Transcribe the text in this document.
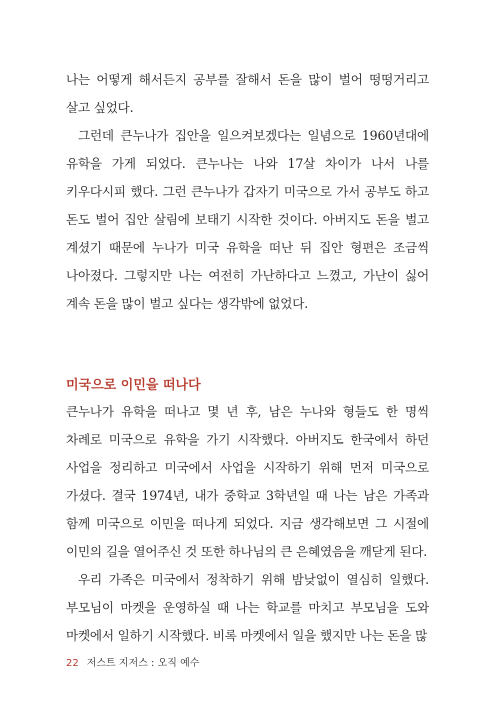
나는 어떻게 해서든지 공부를 잘해서 돈을 많이 벌어 떵떵거리고 살고 싶었다.

그런데 큰누나가 집안을 일으켜보겠다는 일념으로 1960년대에 유학을 가게 되었다. 큰누나는 나와 17살 차이가 나서 나를 키우다시피 했다. 그런 큰누나가 갑자기 미국으로 가서 공부도 하고 돈도 벌어 집안 살림에 보태기 시작한 것이다. 아버지도 돈을 벌고 계셨기 때문에 누나가 미국 유학을 떠난 뒤 집안 형편은 조금씩 나아졌다. 그렇지만 나는 여전히 가난하다고 느꼈고, 가난이 싫어 계속 돈을 많이 벌고 싶다는 생각밖에 없었다.

미국으로 이민을 떠나다

큰누나가 유학을 떠나고 몇 년 후, 남은 누나와 형들도 한 명씩 차례로 미국으로 유학을 가기 시작했다. 아버지도 한국에서 하던 사업을 정리하고 미국에서 사업을 시작하기 위해 먼저 미국으로 가셨다. 결국 1974년, 내가 중학교 3학년일 때 나는 남은 가족과 함께 미국으로 이민을 떠나게 되었다. 지금 생각해보면 그 시절에 이민의 길을 열어주신 것 또한 하나님의 큰 은혜였음을 깨닫게 된다.

우리 가족은 미국에서 정착하기 위해 밤낮없이 열심히 일했다. 부모님이 마켓을 운영하실 때 나는 학교를 마치고 부모님을 도와 마켓에서 일하기 시작했다. 비록 마켓에서 일을 했지만 나는 돈을 많

22 저스트 지저스 : 오직 예수
